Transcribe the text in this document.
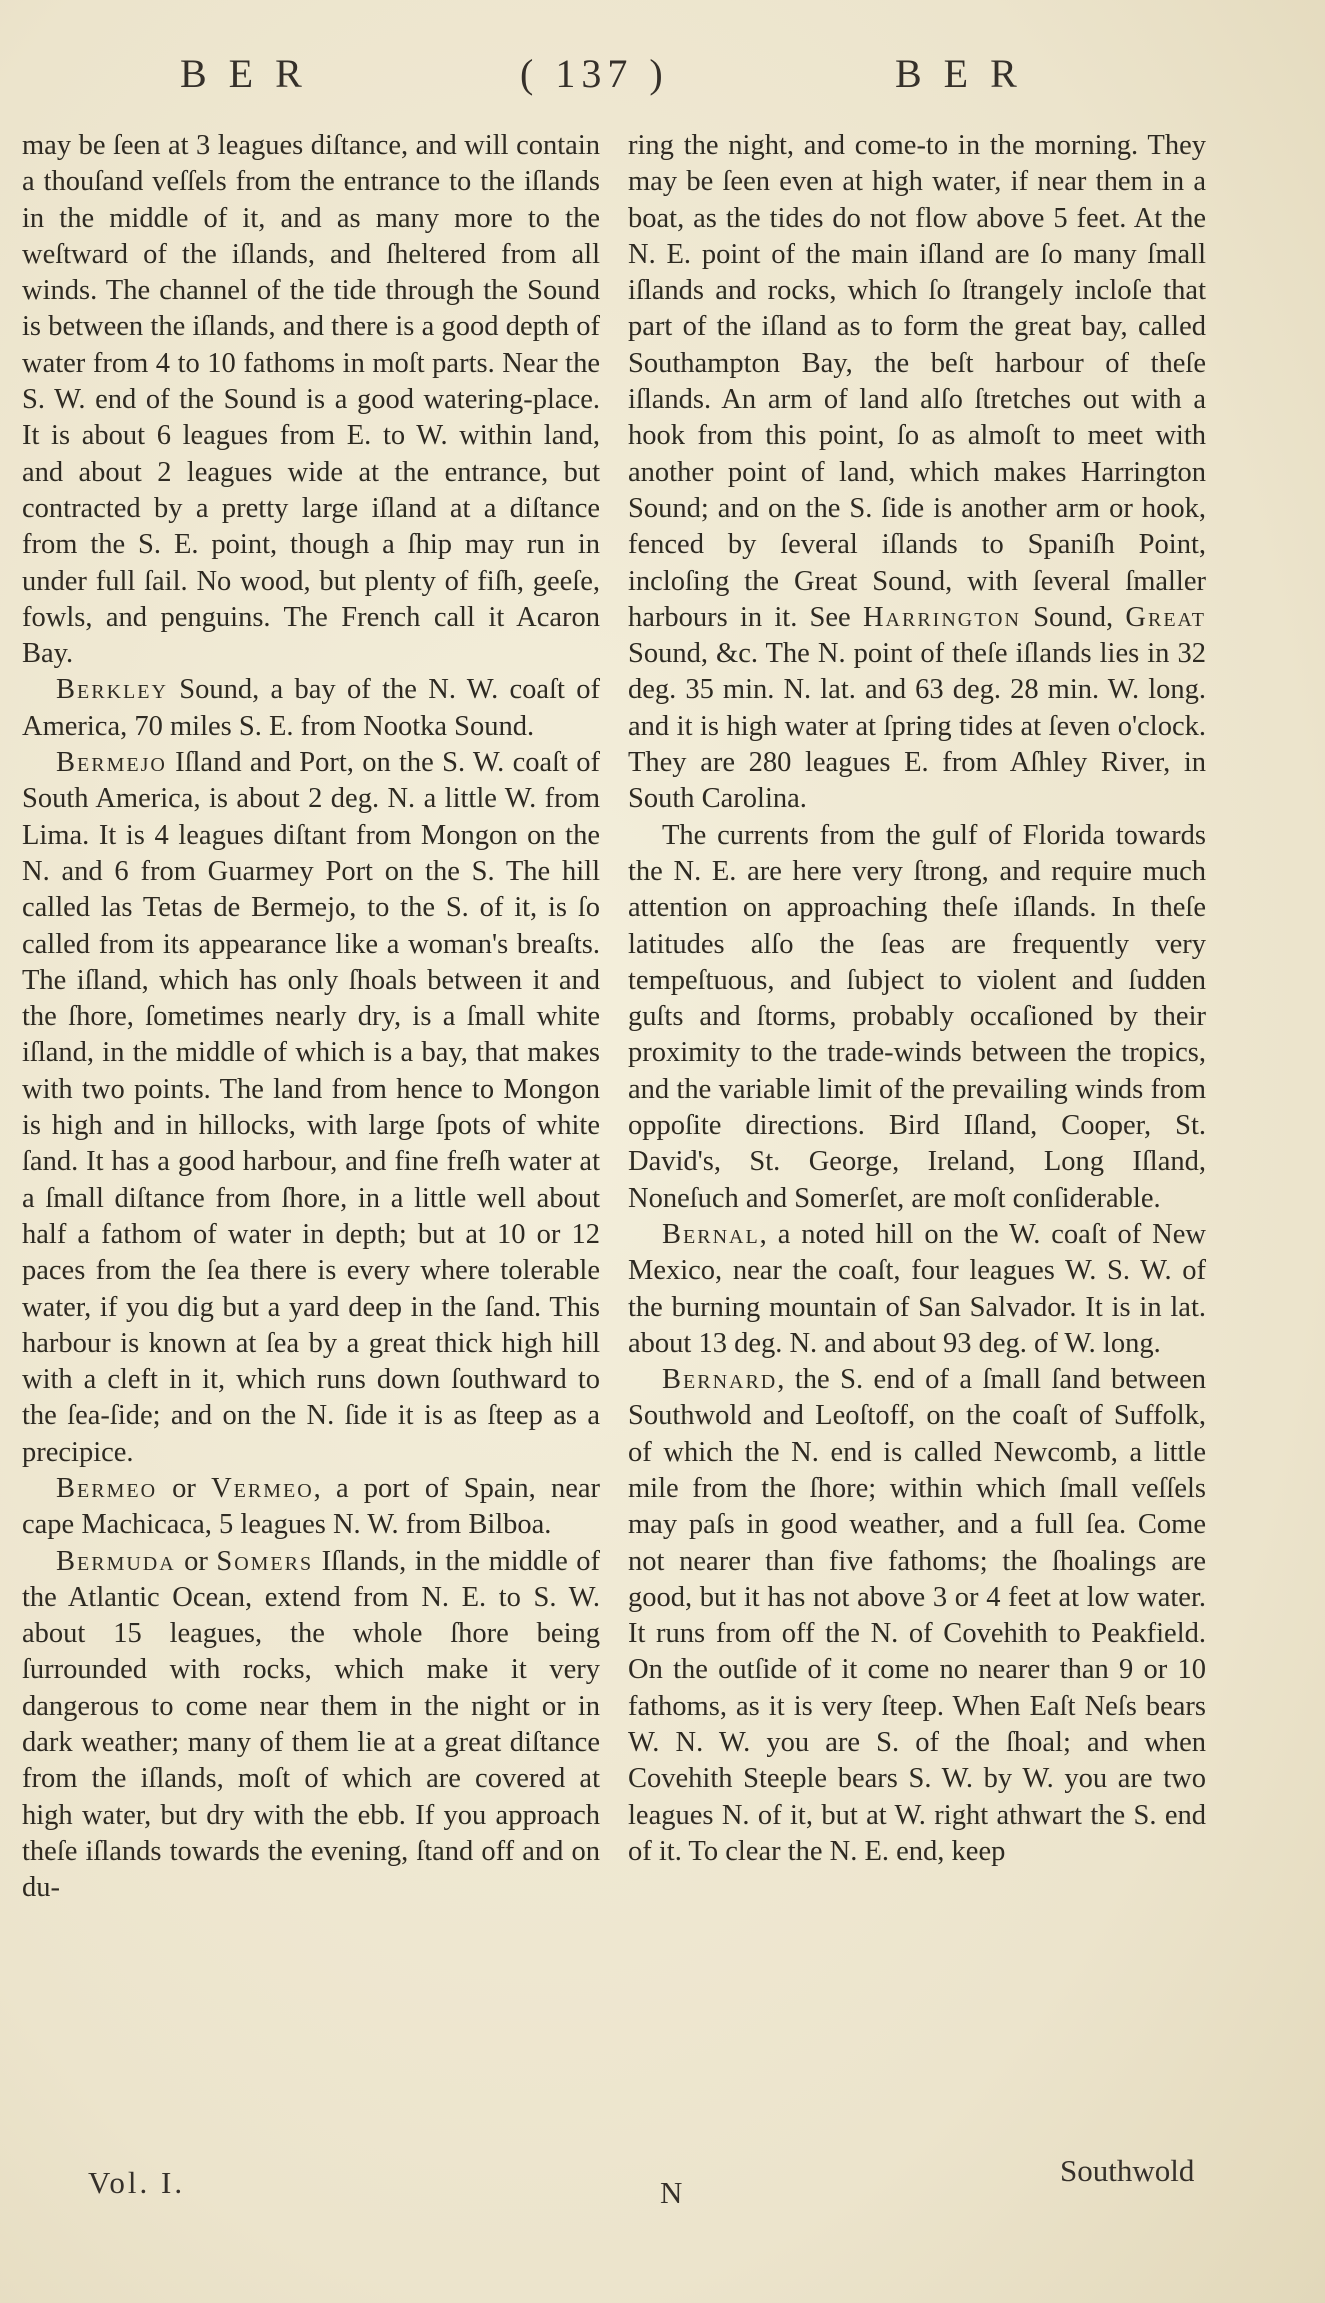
B E R	( 137 )	B E R

may be ſeen at 3 leagues diſtance, and will contain a thouſand veſſels from the entrance to the iſlands in the middle of it, and as many more to the weſtward of the iſlands, and ſheltered from all winds. The channel of the tide through the Sound is between the iſlands, and there is a good depth of water from 4 to 10 fathoms in moſt parts. Near the S. W. end of the Sound is a good watering-place. It is about 6 leagues from E. to W. within land, and about 2 leagues wide at the entrance, but contracted by a pretty large iſland at a diſtance from the S. E. point, though a ſhip may run in under full ſail. No wood, but plenty of fiſh, geeſe, fowls, and penguins. The French call it Acaron Bay.

Berkley Sound, a bay of the N. W. coaſt of America, 70 miles S. E. from Nootka Sound.

Bermejo Iſland and Port, on the S. W. coaſt of South America, is about 2 deg. N. a little W. from Lima. It is 4 leagues diſtant from Mongon on the N. and 6 from Guarmey Port on the S. The hill called las Tetas de Bermejo, to the S. of it, is ſo called from its appearance like a woman's breaſts. The iſland, which has only ſhoals between it and the ſhore, ſometimes nearly dry, is a ſmall white iſland, in the middle of which is a bay, that makes with two points. The land from hence to Mongon is high and in hillocks, with large ſpots of white ſand. It has a good harbour, and fine freſh water at a ſmall diſtance from ſhore, in a little well about half a fathom of water in depth; but at 10 or 12 paces from the ſea there is every where tolerable water, if you dig but a yard deep in the ſand. This harbour is known at ſea by a great thick high hill with a cleft in it, which runs down ſouthward to the ſea-ſide; and on the N. ſide it is as ſteep as a precipice.

Bermeo or Vermeo, a port of Spain, near cape Machicaca, 5 leagues N. W. from Bilboa.

Bermuda or Somers Iſlands, in the middle of the Atlantic Ocean, extend from N. E. to S. W. about 15 leagues, the whole ſhore being ſurrounded with rocks, which make it very dangerous to come near them in the night or in dark weather; many of them lie at a great diſtance from the iſlands, moſt of which are covered at high water, but dry with the ebb. If you approach theſe iſlands towards the evening, ſtand off and on du-

ring the night, and come-to in the morning. They may be ſeen even at high water, if near them in a boat, as the tides do not flow above 5 feet. At the N. E. point of the main iſland are ſo many ſmall iſlands and rocks, which ſo ſtrangely incloſe that part of the iſland as to form the great bay, called Southampton Bay, the beſt harbour of theſe iſlands. An arm of land alſo ſtretches out with a hook from this point, ſo as almoſt to meet with another point of land, which makes Harrington Sound; and on the S. ſide is another arm or hook, fenced by ſeveral iſlands to Spaniſh Point, incloſing the Great Sound, with ſeveral ſmaller harbours in it. See Harrington Sound, Great Sound, &c. The N. point of theſe iſlands lies in 32 deg. 35 min. N. lat. and 63 deg. 28 min. W. long. and it is high water at ſpring tides at ſeven o'clock. They are 280 leagues E. from Aſhley River, in South Carolina.

The currents from the gulf of Florida towards the N. E. are here very ſtrong, and require much attention on approaching theſe iſlands. In theſe latitudes alſo the ſeas are frequently very tempeſtuous, and ſubject to violent and ſudden guſts and ſtorms, probably occaſioned by their proximity to the trade-winds between the tropics, and the variable limit of the prevailing winds from oppoſite directions. Bird Iſland, Cooper, St. David's, St. George, Ireland, Long Iſland, Noneſuch and Somerſet, are moſt conſiderable.

Bernal, a noted hill on the W. coaſt of New Mexico, near the coaſt, four leagues W. S. W. of the burning mountain of San Salvador. It is in lat. about 13 deg. N. and about 93 deg. of W. long.

Bernard, the S. end of a ſmall ſand between Southwold and Leoſtoff, on the coaſt of Suffolk, of which the N. end is called Newcomb, a little mile from the ſhore; within which ſmall veſſels may paſs in good weather, and a full ſea. Come not nearer than five fathoms; the ſhoalings are good, but it has not above 3 or 4 feet at low water. It runs from off the N. of Covehith to Peakfield. On the outſide of it come no nearer than 9 or 10 fathoms, as it is very ſteep. When Eaſt Neſs bears W. N. W. you are S. of the ſhoal; and when Covehith Steeple bears S. W. by W. you are two leagues N. of it, but at W. right athwart the S. end of it. To clear the N. E. end, keep

Vol. I.	N
Southwold
